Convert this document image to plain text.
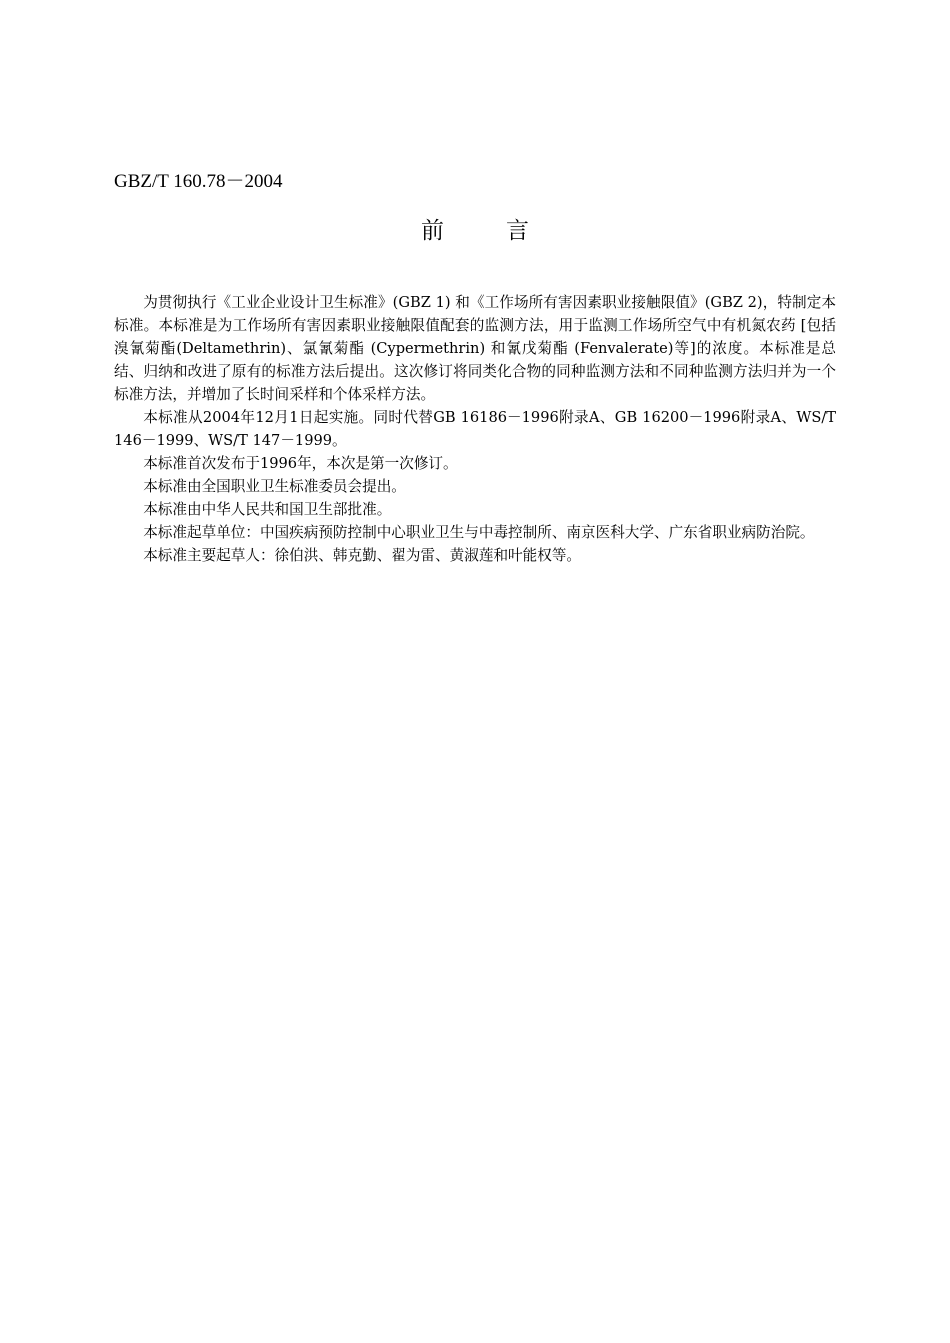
GBZ/T 160.78－2004
前	言

为贯彻执行《工业企业设计卫生标准》(GBZ 1) 和《工作场所有害因素职业接触限值》(GBZ 2)，特制定本标准。本标准是为工作场所有害因素职业接触限值配套的监测方法，用于监测工作场所空气中有机氮农药 [包括溴氰菊酯(Deltamethrin)、氯氰菊酯 (Cypermethrin) 和氰戊菊酯 (Fenvalerate)等]的浓度。本标准是总结、归纳和改进了原有的标准方法后提出。这次修订将同类化合物的同种监测方法和不同种监测方法归并为一个标准方法，并增加了长时间采样和个体采样方法。

本标准从2004年12月1日起实施。同时代替GB 16186－1996附录A、GB 16200－1996附录A、WS/T 146－1999、WS/T 147－1999。

本标准首次发布于1996年，本次是第一次修订。

本标准由全国职业卫生标准委员会提出。

本标准由中华人民共和国卫生部批准。

本标准起草单位：中国疾病预防控制中心职业卫生与中毒控制所、南京医科大学、广东省职业病防治院。

本标准主要起草人：徐伯洪、韩克勤、翟为雷、黄淑莲和叶能权等。
